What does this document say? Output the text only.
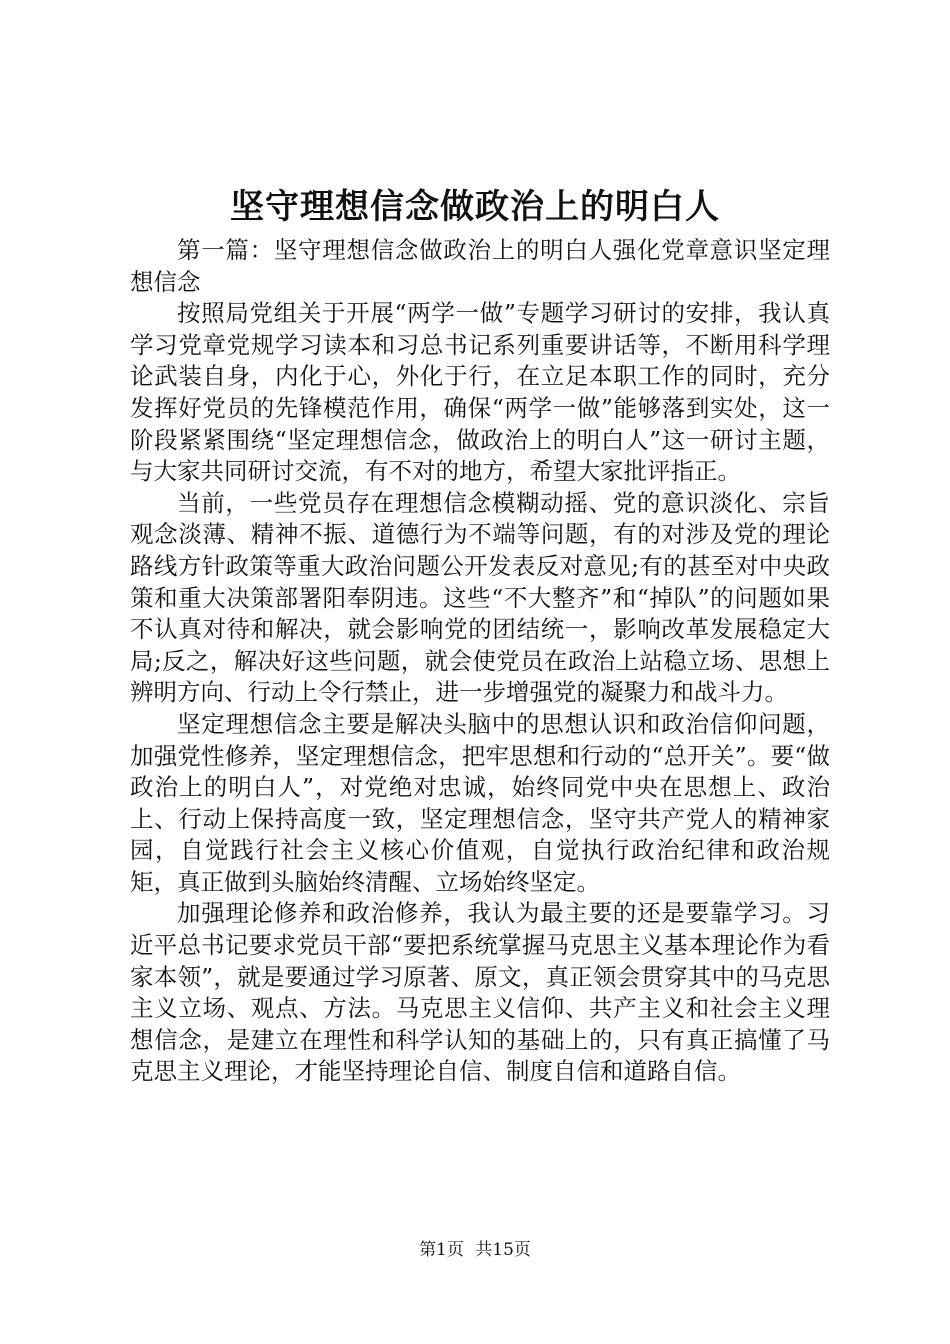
坚守理想信念做政治上的明白人

第一篇：坚守理想信念做政治上的明白人强化党章意识坚定理想信念

按照局党组关于开展“两学一做”专题学习研讨的安排，我认真学习党章党规学习读本和习总书记系列重要讲话等，不断用科学理论武装自身，内化于心，外化于行，在立足本职工作的同时，充分发挥好党员的先锋模范作用，确保“两学一做”能够落到实处，这一阶段紧紧围绕“坚定理想信念，做政治上的明白人”这一研讨主题，与大家共同研讨交流，有不对的地方，希望大家批评指正。

当前，一些党员存在理想信念模糊动摇、党的意识淡化、宗旨观念淡薄、精神不振、道德行为不端等问题，有的对涉及党的理论路线方针政策等重大政治问题公开发表反对意见;有的甚至对中央政策和重大决策部署阳奉阴违。这些“不大整齐”和“掉队”的问题如果不认真对待和解决，就会影响党的团结统一，影响改革发展稳定大局;反之，解决好这些问题，就会使党员在政治上站稳立场、思想上辨明方向、行动上令行禁止，进一步增强党的凝聚力和战斗力。

坚定理想信念主要是解决头脑中的思想认识和政治信仰问题，加强党性修养，坚定理想信念，把牢思想和行动的“总开关”。要“做政治上的明白人”，对党绝对忠诚，始终同党中央在思想上、政治上、行动上保持高度一致，坚定理想信念，坚守共产党人的精神家园，自觉践行社会主义核心价值观，自觉执行政治纪律和政治规矩，真正做到头脑始终清醒、立场始终坚定。

加强理论修养和政治修养，我认为最主要的还是要靠学习。习近平总书记要求党员干部“要把系统掌握马克思主义基本理论作为看家本领”，就是要通过学习原著、原文，真正领会贯穿其中的马克思主义立场、观点、方法。马克思主义信仰、共产主义和社会主义理想信念，是建立在理性和科学认知的基础上的，只有真正搞懂了马克思主义理论，才能坚持理论自信、制度自信和道路自信。

第1页 共15页
